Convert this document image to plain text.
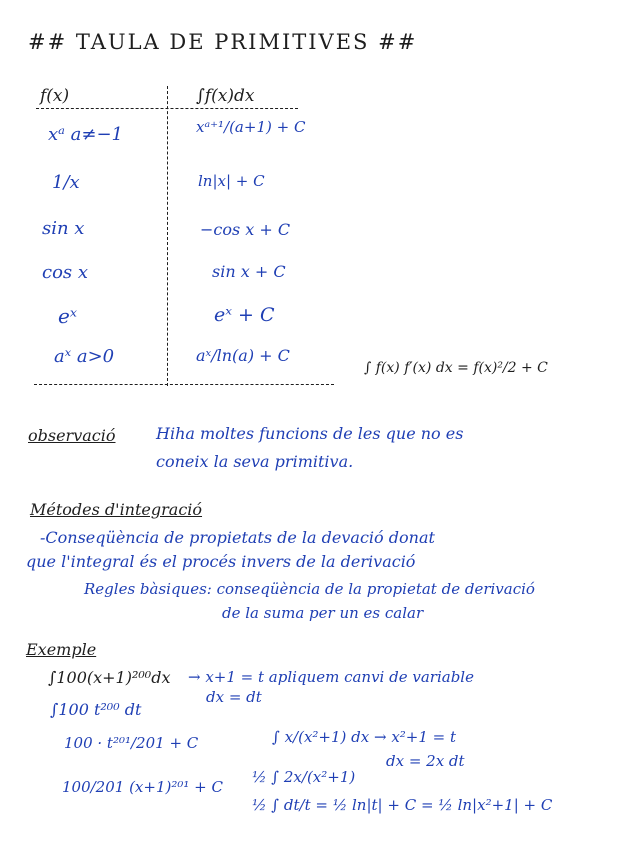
## TAULA DE PRIMITIVES ##
f(x)	∫f(x)dx
xᵃ a≠−1	xᵃ⁺¹/(a+1) + C
1/x	ln|x| + C
sin x	−cos x + C
cos x	sin x + C
eˣ	eˣ + C
aˣ a>0	aˣ/ln(a) + C
∫ f(x) f′(x) dx = f(x)²/2 + C
observació	Hiha moltes funcions de les que no es
coneix la seva primitiva.
Métodes d'integració
-Conseqüència de propietats de la devació donat
que l'integral és el procés invers de la derivació
Regles bàsiques: conseqüència de la propietat de derivació
de la suma per un es calar
Exemple
∫100(x+1)²⁰⁰dx → x+1 = t apliquem canvi de variable
dx = dt
∫100 t²⁰⁰ dt
100 · t²⁰¹/201 + C
100/201 (x+1)²⁰¹ + C
∫ x/(x²+1) dx → x²+1 = t
dx = 2x dt
½ ∫ 2x/(x²+1)
½ ∫ dt/t = ½ ln|t| + C = ½ ln|x²+1| + C
